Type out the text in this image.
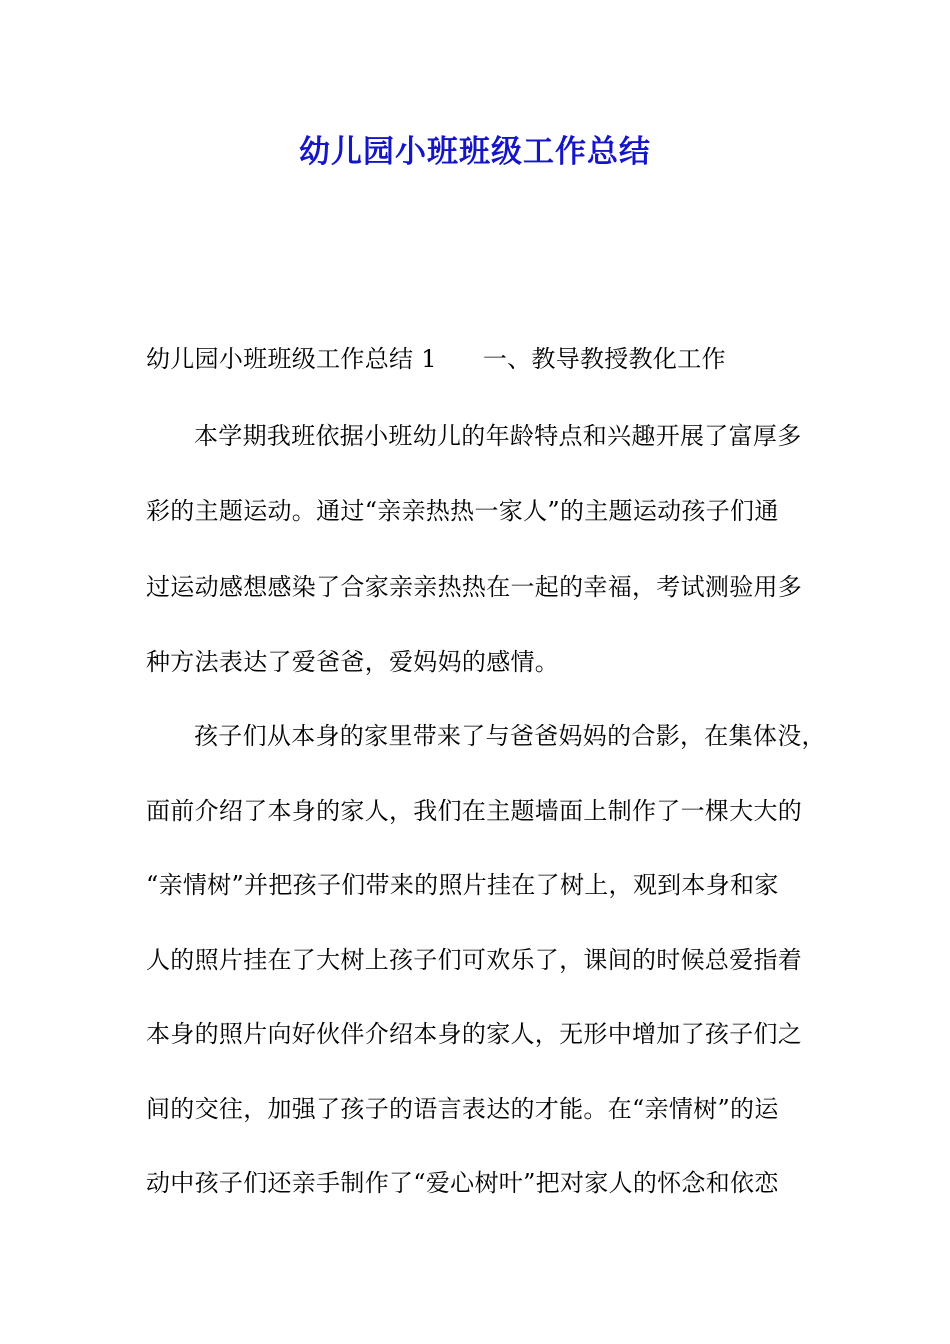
幼儿园小班班级工作总结
幼儿园小班班级工作总结 1 一、教导教授教化工作
本学期我班依据小班幼儿的年龄特点和兴趣开展了富厚多
彩的主题运动。通过“亲亲热热一家人”的主题运动孩子们通
过运动感想感染了合家亲亲热热在一起的幸福，考试测验用多
种方法表达了爱爸爸，爱妈妈的感情。
孩子们从本身的家里带来了与爸爸妈妈的合影，在集体没，
面前介绍了本身的家人，我们在主题墙面上制作了一棵大大的
“亲情树”并把孩子们带来的照片挂在了树上，观到本身和家
人的照片挂在了大树上孩子们可欢乐了，课间的时候总爱指着
本身的照片向好伙伴介绍本身的家人，无形中增加了孩子们之
间的交往，加强了孩子的语言表达的才能。在“亲情树”的运
动中孩子们还亲手制作了“爱心树叶”把对家人的怀念和依恋
